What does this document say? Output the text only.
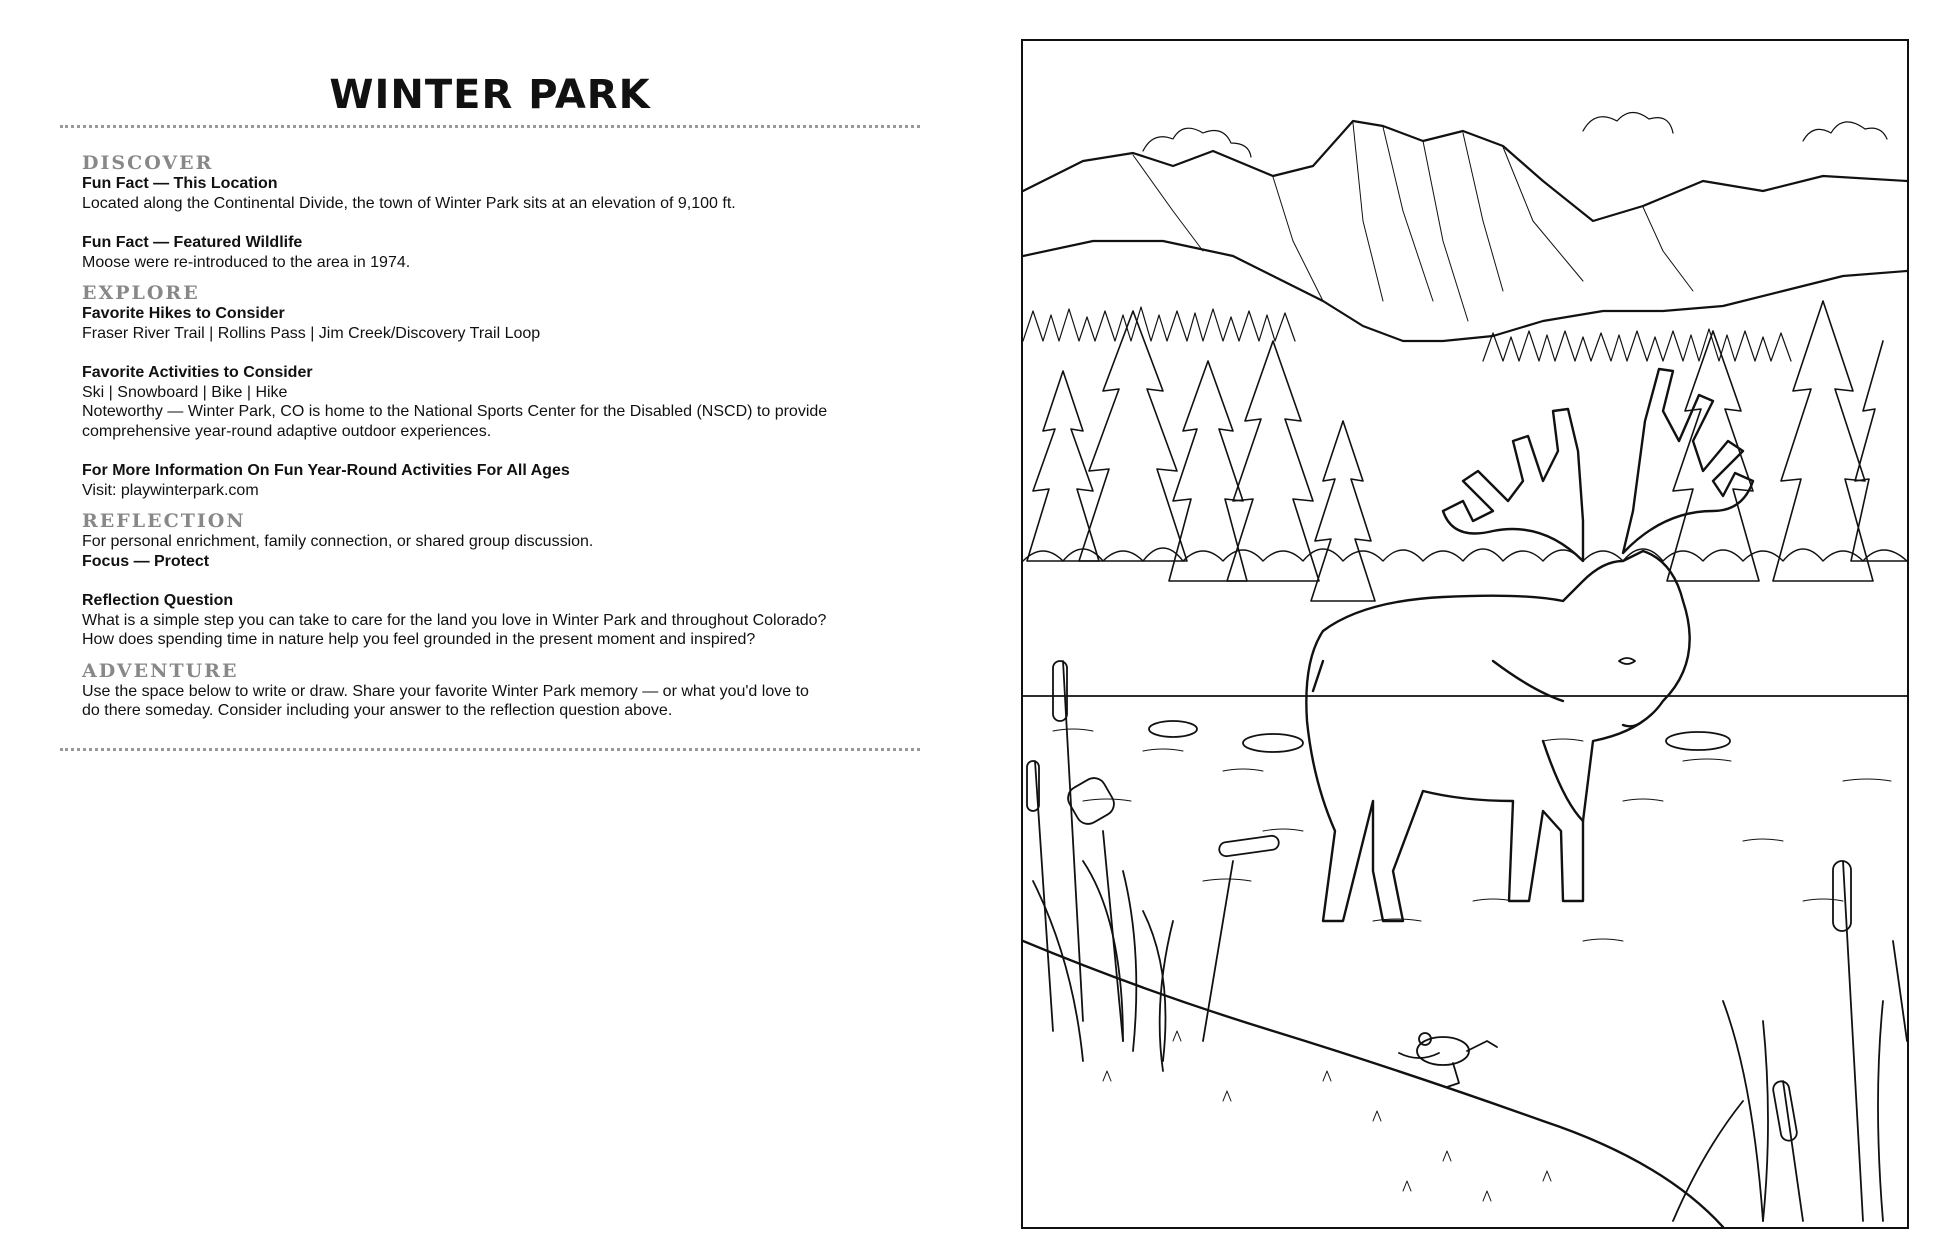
WINTER PARK
DISCOVER
Fun Fact — This Location
Located along the Continental Divide, the town of Winter Park sits at an elevation of 9,100 ft.
Fun Fact — Featured Wildlife
Moose were re-introduced to the area in 1974.
EXPLORE
Favorite Hikes to Consider
Fraser River Trail | Rollins Pass | Jim Creek/Discovery Trail Loop
Favorite Activities to Consider
Ski | Snowboard | Bike | Hike
Noteworthy — Winter Park, CO is home to the National Sports Center for the Disabled (NSCD) to provide
comprehensive year-round adaptive outdoor experiences.
For More Information On Fun Year-Round Activities For All Ages
Visit: playwinterpark.com
REFLECTION
For personal enrichment, family connection, or shared group discussion.
Focus — Protect
Reflection Question
What is a simple step you can take to care for the land you love in Winter Park and throughout Colorado?
How does spending time in nature help you feel grounded in the present moment and inspired?
ADVENTURE
Use the space below to write or draw. Share your favorite Winter Park memory — or what you'd love to
do there someday. Consider including your answer to the reflection question above.
